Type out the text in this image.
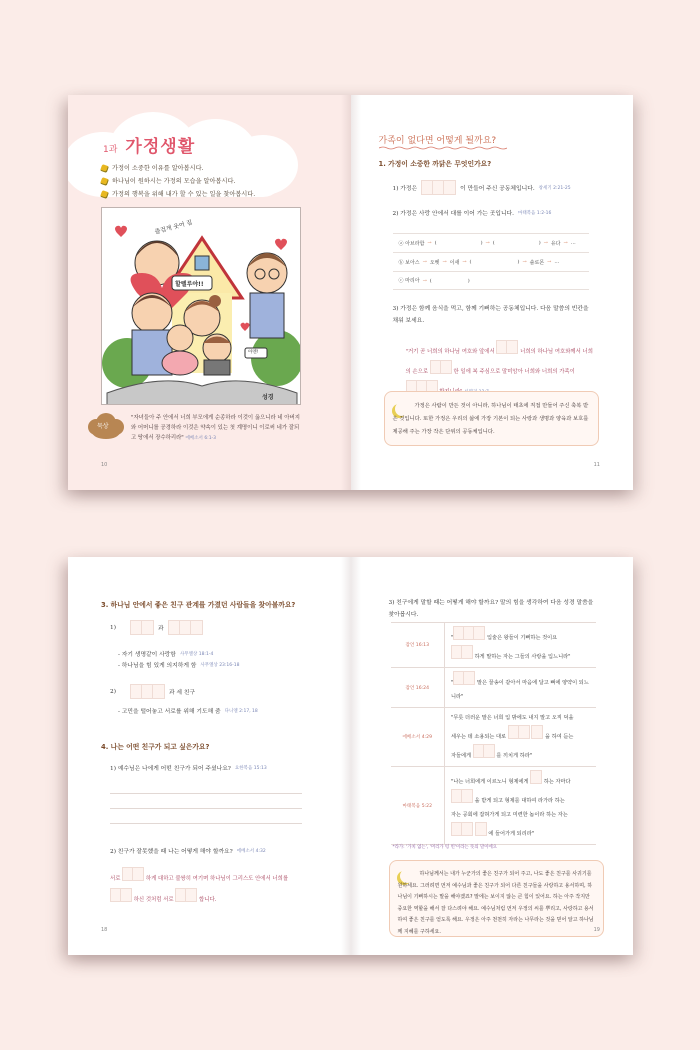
1과 가정생활
가정이 소중한 이유를 알아봅시다.
하나님이 원하시는 가정의 모습을 알아봅시다.
가정의 행복을 위해 내가 할 수 있는 일을 찾아봅시다.
즐겁게 웃어 집
할렐루야!!
아멘!
성경
묵상
"자녀들아 주 안에서 너희 부모에게 순종하라 이것이 옳으니라 네 아버지와 어머니를 공경하라 이것은 약속이 있는 첫 계명이니 이로써 네가 잘되고 땅에서 장수하리라" 에베소서 6:1-3
10
가족이 없다면 어떻게 될까요?
1. 가정이 소중한 까닭은 무엇인가요?
1) 가정은	이 만들어 주신 공동체입니다. 창세기 2:21-25
2) 가정은 사랑 안에서 대를 이어 가는 곳입니다. 마태복음 1:2-16
ⓐ 아브라함 → (	) → (	) → 유다 → …
ⓑ 보아스 → 오벳 → 이새 → (	) → 솔로몬 → …
ⓒ 마리아 → (	)
3) 가정은 함께 음식을 먹고, 함께 기뻐하는 공동체입니다. 다음 말씀의 빈칸을 채워 보세요.
"거기 곧 너희의 하나님 여호와 앞에서	너희의 하나님 여호와께서 너희의 손으로	한 일에 복 주심으로 말미암아 너희와 너희의 가족이
가정은 사람이 만든 것이 아니라, 하나님이 태초에 직접 만들어 주신 축복 받은 것입니다. 또한 가정은 우리의 삶에 가장 기본이 되는 사랑과 생명과 양육과 보호를 제공해 주는 가장 작은 단위의 공동체입니다.
11
3. 하나님 안에서 좋은 친구 관계를 가졌던 사람들을 찾아볼까요?
1)	과
- 자기 생명같이 사랑함 사무엘상 18:1-4
- 하나님을 힘 있게 의지하게 함 사무엘상 23:16-18
2)	과 세 친구
- 고민을 털어놓고 서로를 위해 기도해 줌 다니엘 2:17, 18
4. 나는 어떤 친구가 되고 싶은가요?
1) 예수님은 나에게 어떤 친구가 되어 주셨나요? 요한복음 15:13
2) 친구가 잘못했을 때 나는 어떻게 해야 할까요? 에베소서 4:32
서로	하게 대하고 불쌍히 여기며 하나님이 그리스도 안에서 너희를
하신 것처럼 서로	합니다.
18
3) 친구에게 말할 때는 어떻게 해야 할까요? 말의 힘을 생각하여 다음 성경 말씀을 찾아봅시다.
잠언 16:13	" 입술은 왕들이 기뻐하는 것이요

하게 말하는 자는 그들의 사랑을 입느니라"
잠언 16:24	" 말은 꿀송이 같아서 마음에 달고 뼈에 양약이 되느니라"
에베소서 4:29	"무릇 더러운 말은 너희 입 밖에도 내지 말고 오직 덕을
세우는 데 소용되는 대로
을 하여 듣는
자들에게 를 끼치게 하라"
마태복음 5:22	"나는 너희에게 이르노니 형제에게 하는 자마다

을 받게 되고 형제를 대하여 라가라 하는
자는 공회에 잡혀가게 되고 미련한 놈이라 하는 자는

에 들어가게 되리라"
*라가: '가치 없는', '머리가 텅 빈'이라는 뜻의 말이에요
하나님께서는 내가 누군가의 좋은 친구가 되어 주고, 나도 좋은 친구를 사귀기를 원하세요. 그러려면 먼저 예수님과 좋은 친구가 되어 다른 친구들을 사랑하고 용서하며, 하나님이 기뻐하시는 말을 해야겠죠? 말에는 보이지 않는 큰 힘이 있어요. 하는 아주 작지만 중요한 역할을 해서 잘 다스려야 해요. 예수님처럼 먼저 우정의 씨를 뿌리고, 사랑하고 용서하여 좋은 친구를 얻도록 해요. 우정은 아주 천천히 자라는 나무라는 것을 믿어 알고 하나님께 지혜를 구하세요.	19
